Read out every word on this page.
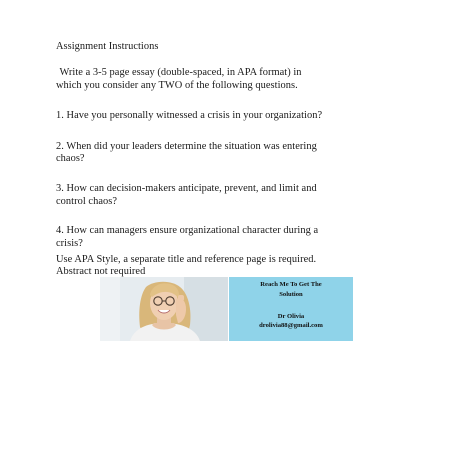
Assignment Instructions
Write a 3-5 page essay (double-spaced, in APA format) in
which you consider any TWO of the following questions.
1. Have you personally witnessed a crisis in your organization?
2. When did your leaders determine the situation was entering
chaos?
3. How can decision-makers anticipate, prevent, and limit and
control chaos?
4. How can managers ensure organizational character during a
crisis?
Use APA Style, a separate title and reference page is required.
Abstract not required
Reach Me To Get The
Solution
Dr Olivia
drolivia88@gmail.com
